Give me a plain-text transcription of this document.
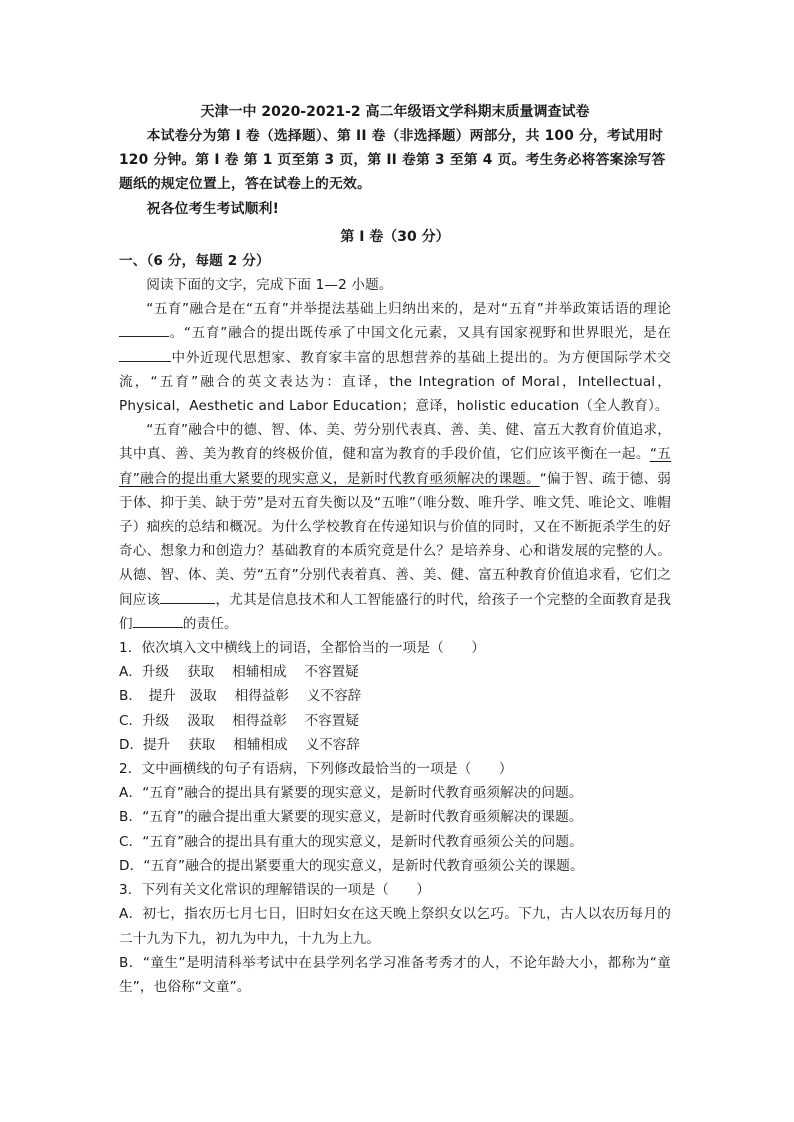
天津一中 2020-2021-2 高二年级语文学科期末质量调查试卷

本试卷分为第 I 卷（选择题）、第 II 卷（非选择题）两部分，共 100 分，考试用时 120 分钟。第 I 卷 第 1 页至第 3 页，第 II 卷第 3 至第 4 页。考生务必将答案涂写答题纸的规定位置上，答在试卷上的无效。

祝各位考生考试顺利!

第 I 卷（30 分）

一、（6 分，每题 2 分）

阅读下面的文字，完成下面 1—2 小题。

“五育”融合是在“五育”并举提法基础上归纳出来的，是对“五育”并举政策话语的理论。“五育”融合的提出既传承了中国文化元素，又具有国家视野和世界眼光，是在中外近现代思想家、教育家丰富的思想营养的基础上提出的。为方便国际学术交流，“五育”融合的英文表达为：直译，the Integration of Moral，Intellectual，Physical，Aesthetic and Labor Education；意译，holistic education（全人教育）。

“五育”融合中的德、智、体、美、劳分别代表真、善、美、健、富五大教育价值追求，其中真、善、美为教育的终极价值，健和富为教育的手段价值，它们应该平衡在一起。“五育”融合的提出重大紧要的现实意义，是新时代教育亟须解决的课题。“偏于智、疏于德、弱于体、抑于美、缺于劳”是对五育失衡以及“五唯”（唯分数、唯升学、唯文凭、唯论文、唯帽子）痼疾的总结和概况。为什么学校教育在传递知识与价值的同时，又在不断扼杀学生的好奇心、想象力和创造力？基础教育的本质究竟是什么？是培养身、心和谐发展的完整的人。从德、智、体、美、劳“五育”分别代表着真、善、美、健、富五种教育价值追求看，它们之间应该	，尤其是信息技术和人工智能盛行的时代，给孩子一个完整的全面教育是我们	的责任。

1．依次填入文中横线上的词语，全都恰当的一项是（　　）

A．升级　 获取　 相辅相成　 不容置疑

B．　提升　汲取　 相得益彰　 义不容辞

C．升级　 汲取　 相得益彰　 不容置疑

D．提升　 获取　 相辅相成　 义不容辞

2．文中画横线的句子有语病，下列修改最恰当的一项是（　　）

A．“五育”融合的提出具有紧要的现实意义，是新时代教育亟须解决的问题。

B．“五育”的融合提出重大紧要的现实意义，是新时代教育亟须解决的课题。

C．“五育”融合的提出具有重大的现实意义，是新时代教育亟须公关的问题。

D．“五育”融合的提出紧要重大的现实意义，是新时代教育亟须公关的课题。

3．下列有关文化常识的理解错误的一项是（　　）

A．初七，指农历七月七日，旧时妇女在这天晚上祭织女以乞巧。下九，古人以农历每月的二十九为下九，初九为中九，十九为上九。

B．“童生”是明清科举考试中在县学列名学习准备考秀才的人，不论年龄大小，都称为“童生”，也俗称“文童”。
